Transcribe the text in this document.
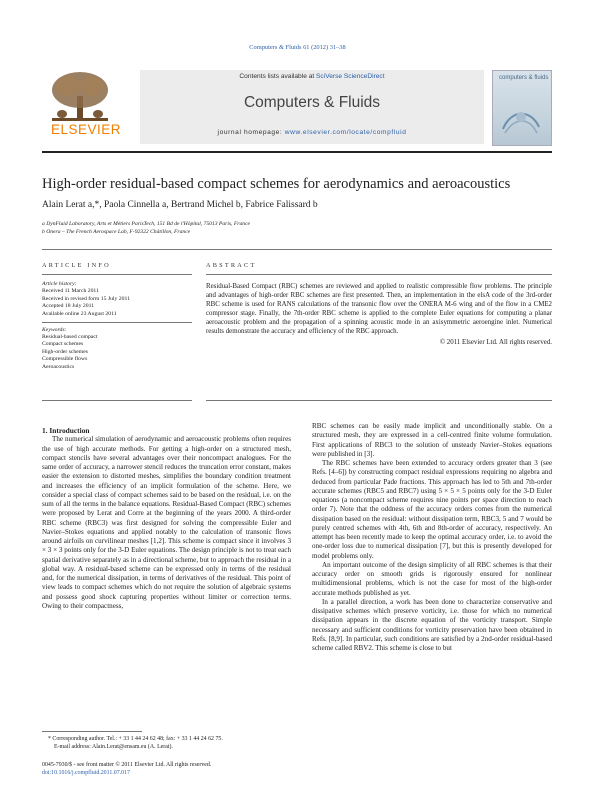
Computers & Fluids 61 (2012) 31–38
ELSEVIER
Contents lists available at SciVerse ScienceDirect
Computers & Fluids
journal homepage: www.elsevier.com/locate/compfluid
computers & fluids
High-order residual-based compact schemes for aerodynamics and aeroacoustics
Alain Lerat a,*, Paola Cinnella a, Bertrand Michel b, Fabrice Falissard b
a DynFluid Laboratory, Arts et Métiers ParisTech, 151 Bd de l'Hôpital, 75013 Paris, France
b Onera – The French Aerospace Lab, F-92322 Châtillon, France
ARTICLE INFO
Article history:
Received 11 March 2011
Received in revised form 15 July 2011
Accepted 18 July 2011
Available online 23 August 2011
Keywords:
Residual-based compact
Compact schemes
High-order schemes
Compressible flows
Aeroacoustics
ABSTRACT
Residual-Based Compact (RBC) schemes are reviewed and applied to realistic compressible flow problems. The principle and advantages of high-order RBC schemes are first presented. Then, an implementation in the elsA code of the 3rd-order RBC scheme is used for RANS calculations of the transonic flow over the ONERA M-6 wing and of the flow in a CME2 compressor stage. Finally, the 7th-order RBC scheme is applied to the complete Euler equations for computing a planar aeroacoustic problem and the propagation of a spinning acoustic mode in an axisymmetric aeroengine inlet. Numerical results demonstrate the accuracy and efficiency of the RBC approach.
© 2011 Elsevier Ltd. All rights reserved.

1. Introduction

The numerical simulation of aerodynamic and aeroacoustic problems often requires the use of high accurate methods. For getting a high-order on a structured mesh, compact stencils have several advantages over their noncompact analogues. For the same order of accuracy, a narrower stencil reduces the truncation error constant, makes easier the extension to distorted meshes, simplifies the boundary condition treatment and increases the efficiency of an implicit formulation of the scheme. Here, we consider a special class of compact schemes said to be based on the residual, i.e. on the sum of all the terms in the balance equations. Residual-Based Compact (RBC) schemes were proposed by Lerat and Corre at the beginning of the years 2000. A third-order RBC scheme (RBC3) was first designed for solving the compressible Euler and Navier–Stokes equations and applied notably to the calculation of transonic flows around airfoils on curvilinear meshes [1,2]. This scheme is compact since it involves 3 × 3 × 3 points only for the 3-D Euler equations. The design principle is not to treat each spatial derivative separately as in a directional scheme, but to approach the residual in a global way. A residual-based scheme can be expressed only in terms of the residual and, for the numerical dissipation, in terms of derivatives of the residual. This point of view leads to compact schemes which do not require the solution of algebraic systems and possess good shock capturing properties without limiter or correction terms. Owing to their compactness,

RBC schemes can be easily made implicit and unconditionally stable. On a structured mesh, they are expressed in a cell-centred finite volume formulation. First applications of RBC3 to the solution of unsteady Navier–Stokes equations were published in [3].

The RBC schemes have been extended to accuracy orders greater than 3 (see Refs. [4–6]) by constructing compact residual expressions requiring no algebra and deduced from particular Pade fractions. This approach has led to 5th and 7th-order accurate schemes (RBC5 and RBC7) using 5 × 5 × 5 points only for the 3-D Euler equations (a noncompact scheme requires nine points per space direction to reach order 7). Note that the oddness of the accuracy orders comes from the numerical dissipation based on the residual: without dissipation term, RBC3, 5 and 7 would be purely centred schemes with 4th, 6th and 8th-order of accuracy, respectively. An attempt has been recently made to keep the optimal accuracy order, i.e. to avoid the one-order loss due to numerical dissipation [7], but this is presently developed for model problems only.

An important outcome of the design simplicity of all RBC schemes is that their accuracy order on smooth grids is rigorously ensured for nonlinear multidimensional problems, which is not the case for most of the high-order accurate methods published as yet.

In a parallel direction, a work has been done to characterize conservative and dissipative schemes which preserve vorticity, i.e. those for which no numerical dissipation appears in the discrete equation of the vorticity transport. Simple necessary and sufficient conditions for vorticity preservation have been obtained in Refs. [8,9]. In particular, such conditions are satisfied by a 2nd-order residual-based scheme called RBV2. This scheme is close to but

* Corresponding author. Tel.: + 33 1 44 24 62 48; fax: + 33 1 44 24 62 75.
E-mail address: Alain.Lerat@ensam.eu (A. Lerat).
0045-7930/$ - see front matter © 2011 Elsevier Ltd. All rights reserved.
doi:10.1016/j.compfluid.2011.07.017
